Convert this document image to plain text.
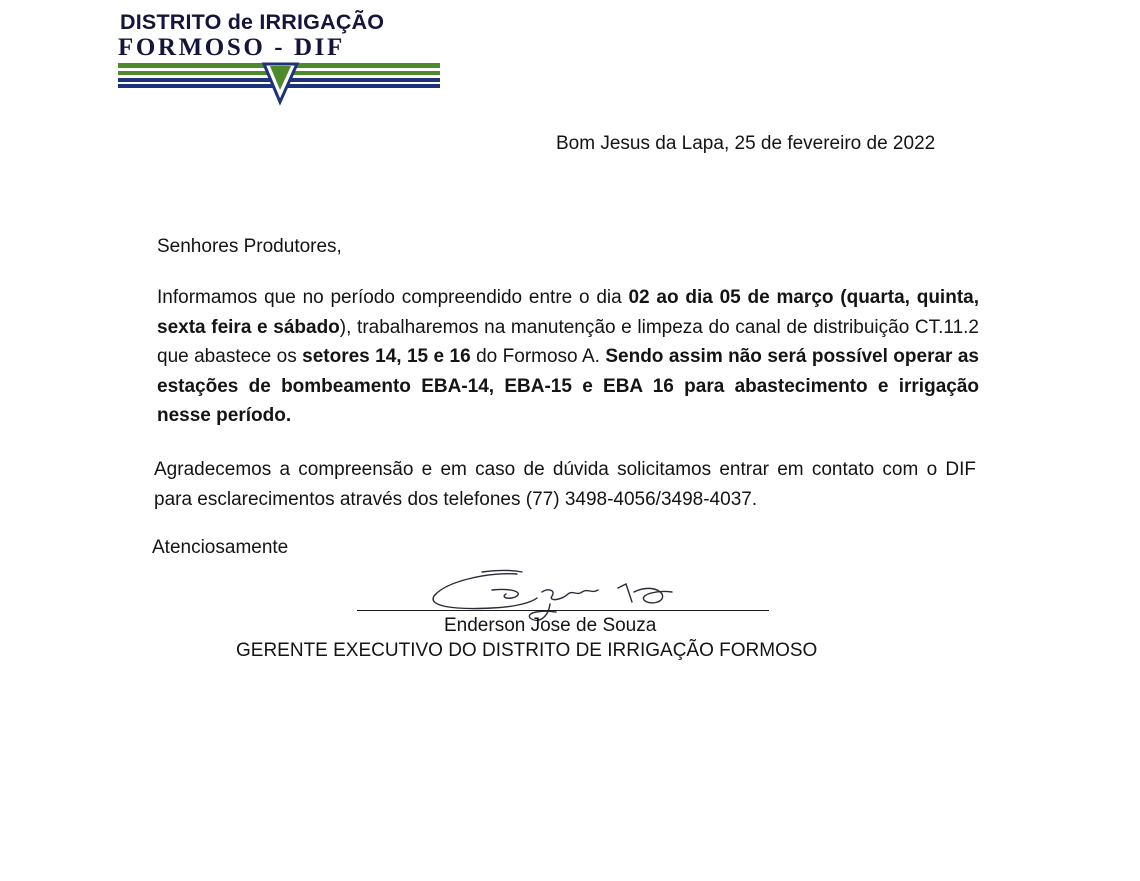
DISTRITO de IRRIGAÇÃO
FORMOSO - DIF
Bom Jesus da Lapa, 25 de fevereiro de 2022
Senhores Produtores,
Informamos que no período compreendido entre o dia 02 ao dia 05 de março (quarta, quinta, sexta feira e sábado), trabalharemos na manutenção e limpeza do canal de distribuição CT.11.2 que abastece os setores 14, 15 e 16 do Formoso A. Sendo assim não será possível operar as estações de bombeamento EBA-14, EBA-15 e EBA 16 para abastecimento e irrigação nesse período.
Agradecemos a compreensão e em caso de dúvida solicitamos entrar em contato com o DIF para esclarecimentos através dos telefones (77) 3498-4056/3498-4037.
Atenciosamente
Enderson Jose de Souza
GERENTE EXECUTIVO DO DISTRITO DE IRRIGAÇÃO FORMOSO
